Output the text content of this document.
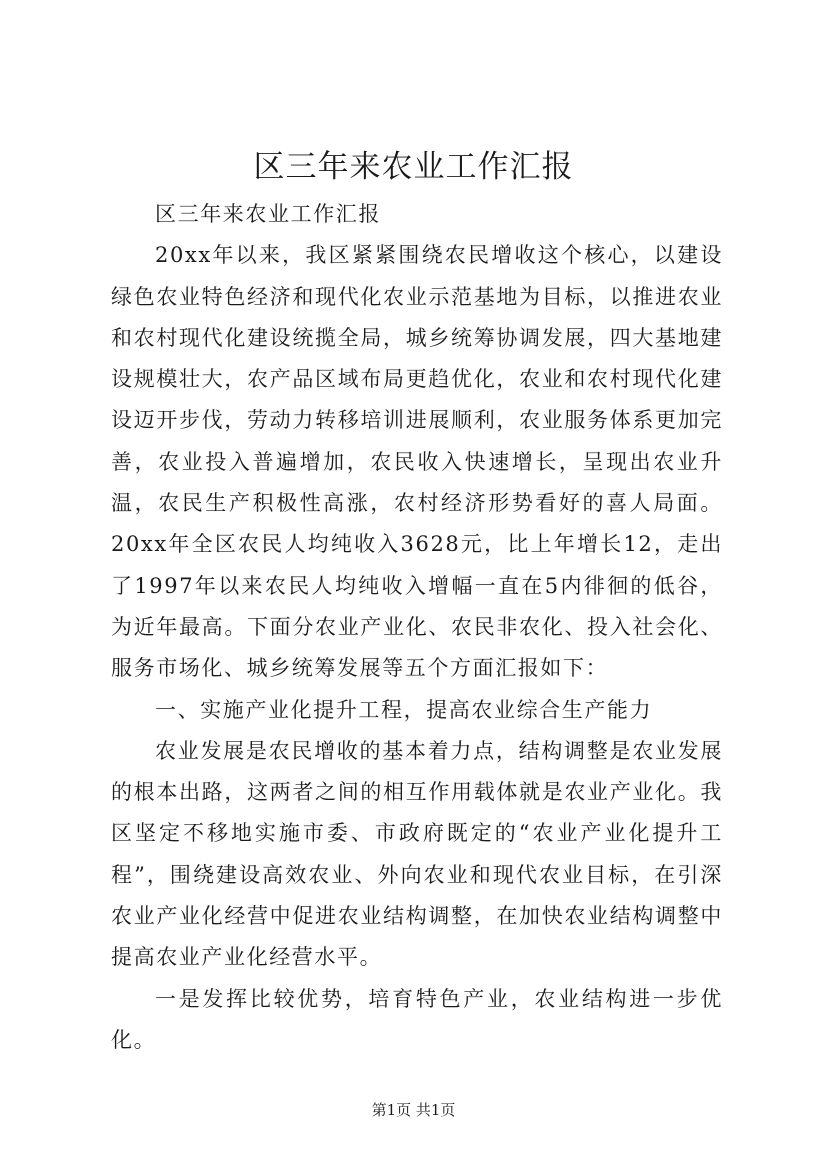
区三年来农业工作汇报

区三年来农业工作汇报

20xx年以来，我区紧紧围绕农民增收这个核心，以建设绿色农业特色经济和现代化农业示范基地为目标，以推进农业和农村现代化建设统揽全局，城乡统筹协调发展，四大基地建设规模壮大，农产品区域布局更趋优化，农业和农村现代化建设迈开步伐，劳动力转移培训进展顺利，农业服务体系更加完善，农业投入普遍增加，农民收入快速增长，呈现出农业升温，农民生产积极性高涨，农村经济形势看好的喜人局面。20xx年全区农民人均纯收入3628元，比上年增长12，走出了1997年以来农民人均纯收入增幅一直在5内徘徊的低谷，为近年最高。下面分农业产业化、农民非农化、投入社会化、服务市场化、城乡统筹发展等五个方面汇报如下：

一、实施产业化提升工程，提高农业综合生产能力

农业发展是农民增收的基本着力点，结构调整是农业发展的根本出路，这两者之间的相互作用载体就是农业产业化。我区坚定不移地实施市委、市政府既定的“农业产业化提升工程”，围绕建设高效农业、外向农业和现代农业目标，在引深农业产业化经营中促进农业结构调整，在加快农业结构调整中提高农业产业化经营水平。

一是发挥比较优势，培育特色产业，农业结构进一步优化。

第1页 共1页
